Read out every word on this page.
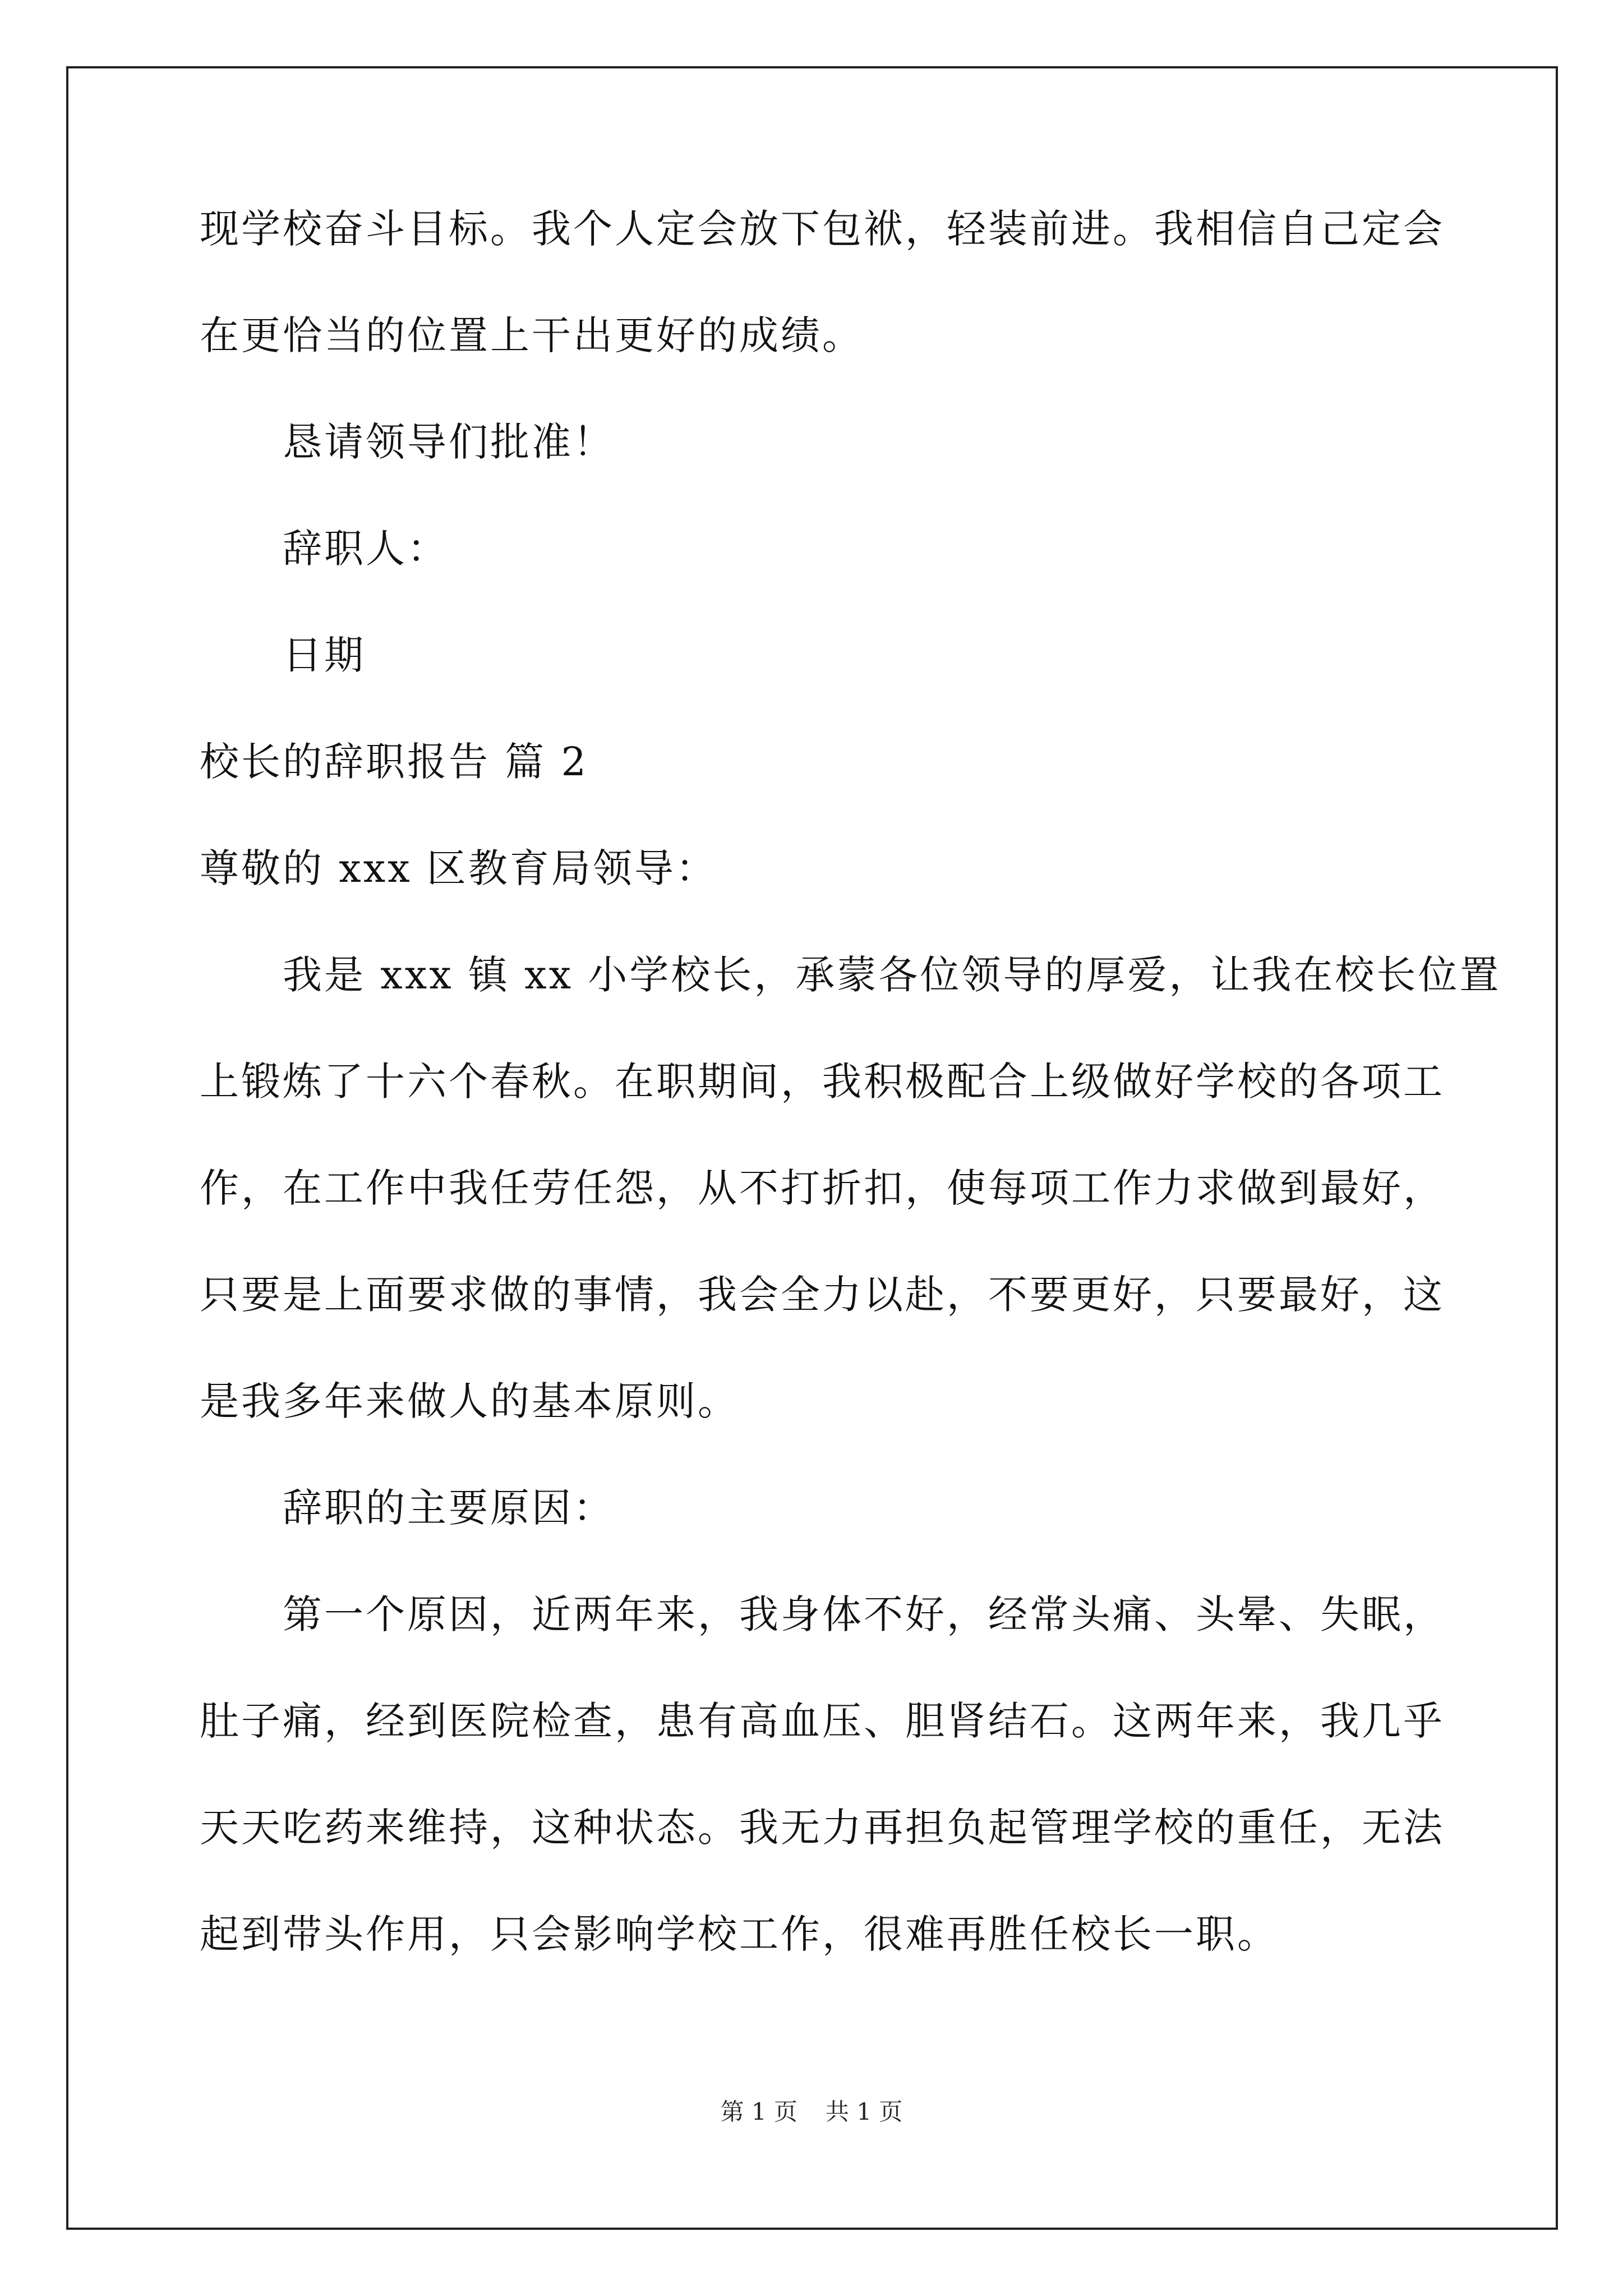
现学校奋斗目标。我个人定会放下包袱，轻装前进。我相信自己定会
在更恰当的位置上干出更好的成绩。
恳请领导们批准！
辞职人：
日期
校长的辞职报告 篇 2
尊敬的 xxx 区教育局领导：
我是 xxx 镇 xx 小学校长，承蒙各位领导的厚爱，让我在校长位置
上锻炼了十六个春秋。在职期间，我积极配合上级做好学校的各项工
作，在工作中我任劳任怨，从不打折扣，使每项工作力求做到最好，
只要是上面要求做的事情，我会全力以赴，不要更好，只要最好，这
是我多年来做人的基本原则。
辞职的主要原因：
第一个原因，近两年来，我身体不好，经常头痛、头晕、失眠，
肚子痛，经到医院检查，患有高血压、胆肾结石。这两年来，我几乎
天天吃药来维持，这种状态。我无力再担负起管理学校的重任，无法
起到带头作用，只会影响学校工作，很难再胜任校长一职。
第 1 页 共 1 页
